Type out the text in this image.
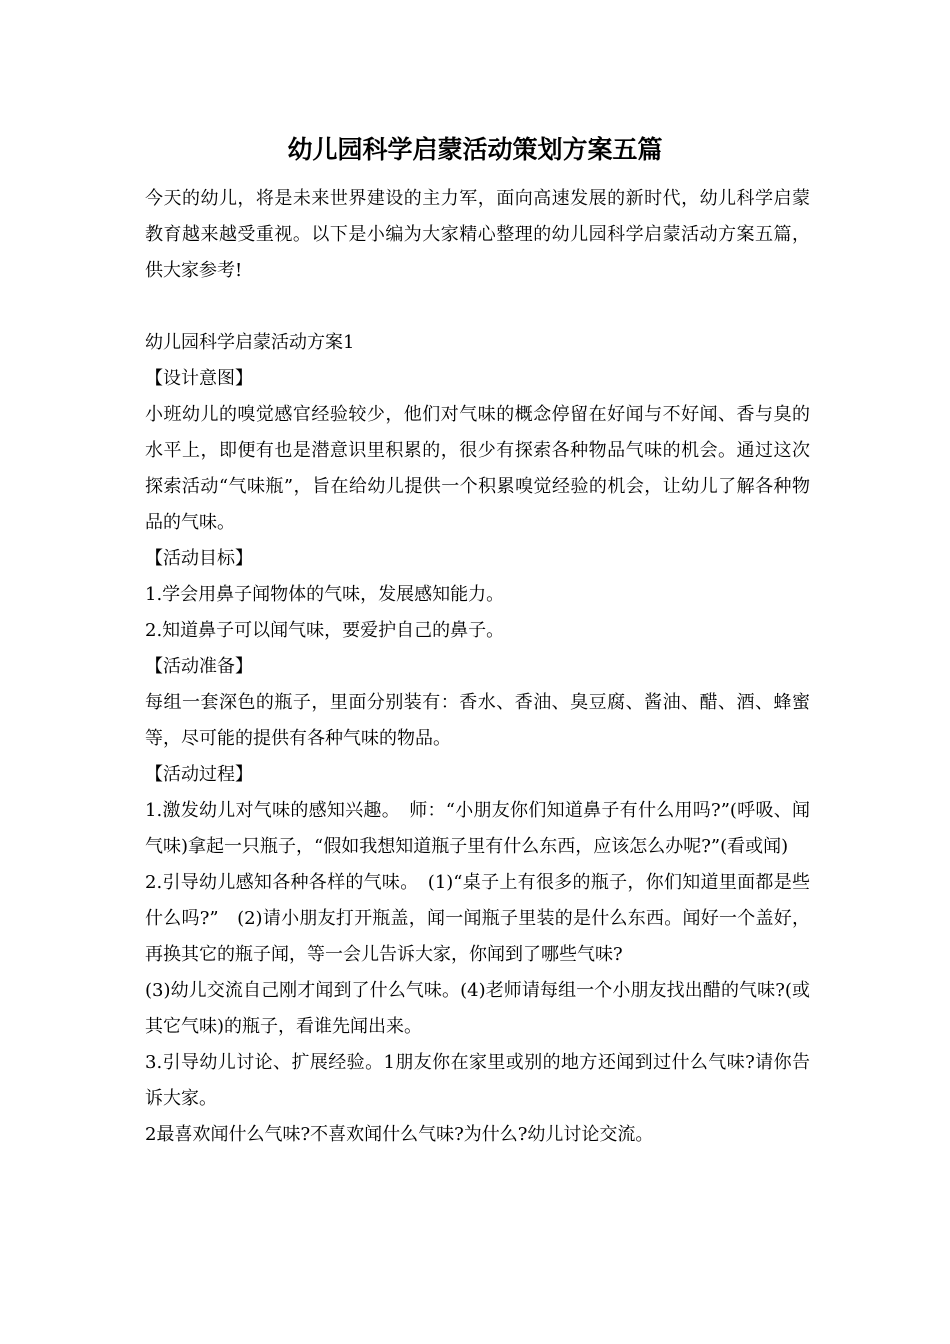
幼儿园科学启蒙活动策划方案五篇

今天的幼儿，将是未来世界建设的主力军，面向高速发展的新时代，幼儿科学启蒙教育越来越受重视。以下是小编为大家精心整理的幼儿园科学启蒙活动方案五篇，供大家参考!

幼儿园科学启蒙活动方案1

【设计意图】

小班幼儿的嗅觉感官经验较少，他们对气味的概念停留在好闻与不好闻、香与臭的水平上，即便有也是潜意识里积累的，很少有探索各种物品气味的机会。通过这次探索活动“气味瓶”，旨在给幼儿提供一个积累嗅觉经验的机会，让幼儿了解各种物品的气味。

【活动目标】

1.学会用鼻子闻物体的气味，发展感知能力。

2.知道鼻子可以闻气味，要爱护自己的鼻子。

【活动准备】

每组一套深色的瓶子，里面分别装有：香水、香油、臭豆腐、酱油、醋、酒、蜂蜜等，尽可能的提供有各种气味的物品。

【活动过程】

1.激发幼儿对气味的感知兴趣。　师：“小朋友你们知道鼻子有什么用吗?”(呼吸、闻气味)拿起一只瓶子，“假如我想知道瓶子里有什么东西，应该怎么办呢?”(看或闻)

2.引导幼儿感知各种各样的气味。　(1)“桌子上有很多的瓶子，你们知道里面都是些什么吗?”　(2)请小朋友打开瓶盖，闻一闻瓶子里装的是什么东西。闻好一个盖好，再换其它的瓶子闻，等一会儿告诉大家，你闻到了哪些气味?

(3)幼儿交流自己刚才闻到了什么气味。(4)老师请每组一个小朋友找出醋的气味?(或其它气味)的瓶子，看谁先闻出来。

3.引导幼儿讨论、扩展经验。1朋友你在家里或别的地方还闻到过什么气味?请你告诉大家。

2最喜欢闻什么气味?不喜欢闻什么气味?为什么?幼儿讨论交流。
